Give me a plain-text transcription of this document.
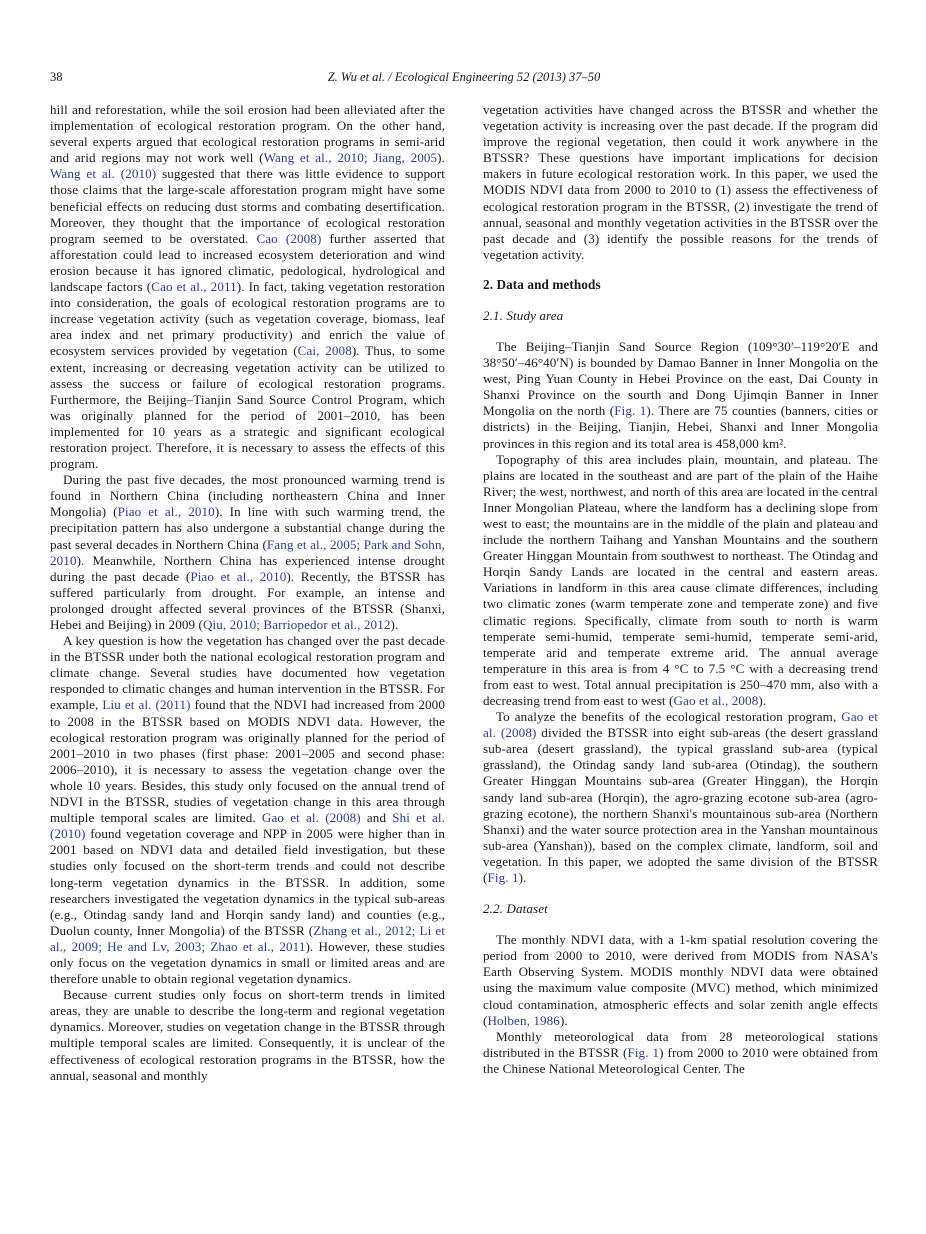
38	Z. Wu et al. / Ecological Engineering 52 (2013) 37–50

hill and reforestation, while the soil erosion had been alleviated after the implementation of ecological restoration program. On the other hand, several experts argued that ecological restoration programs in semi-arid and arid regions may not work well (Wang et al., 2010; Jiang, 2005). Wang et al. (2010) suggested that there was little evidence to support those claims that the large-scale afforestation program might have some beneficial effects on reducing dust storms and combating desertification. Moreover, they thought that the importance of ecological restoration program seemed to be overstated. Cao (2008) further asserted that afforestation could lead to increased ecosystem deterioration and wind erosion because it has ignored climatic, pedological, hydrological and landscape factors (Cao et al., 2011). In fact, taking vegetation restoration into consideration, the goals of ecological restoration programs are to increase vegetation activity (such as vegetation coverage, biomass, leaf area index and net primary productivity) and enrich the value of ecosystem services provided by vegetation (Cai, 2008). Thus, to some extent, increasing or decreasing vegetation activity can be utilized to assess the success or failure of ecological restoration programs. Furthermore, the Beijing–Tianjin Sand Source Control Program, which was originally planned for the period of 2001–2010, has been implemented for 10 years as a strategic and significant ecological restoration project. Therefore, it is necessary to assess the effects of this program.

During the past five decades, the most pronounced warming trend is found in Northern China (including northeastern China and Inner Mongolia) (Piao et al., 2010). In line with such warming trend, the precipitation pattern has also undergone a substantial change during the past several decades in Northern China (Fang et al., 2005; Park and Sohn, 2010). Meanwhile, Northern China has experienced intense drought during the past decade (Piao et al., 2010). Recently, the BTSSR has suffered particularly from drought. For example, an intense and prolonged drought affected several provinces of the BTSSR (Shanxi, Hebei and Beijing) in 2009 (Qiu, 2010; Barriopedor et al., 2012).

A key question is how the vegetation has changed over the past decade in the BTSSR under both the national ecological restoration program and climate change. Several studies have documented how vegetation responded to climatic changes and human intervention in the BTSSR. For example, Liu et al. (2011) found that the NDVI had increased from 2000 to 2008 in the BTSSR based on MODIS NDVI data. However, the ecological restoration program was originally planned for the period of 2001–2010 in two phases (first phase: 2001–2005 and second phase: 2006–2010), it is necessary to assess the vegetation change over the whole 10 years. Besides, this study only focused on the annual trend of NDVI in the BTSSR, studies of vegetation change in this area through multiple temporal scales are limited. Gao et al. (2008) and Shi et al. (2010) found vegetation coverage and NPP in 2005 were higher than in 2001 based on NDVI data and detailed field investigation, but these studies only focused on the short-term trends and could not describe long-term vegetation dynamics in the BTSSR. In addition, some researchers investigated the vegetation dynamics in the typical sub-areas (e.g., Otindag sandy land and Horqin sandy land) and counties (e.g., Duolun county, Inner Mongolia) of the BTSSR (Zhang et al., 2012; Li et al., 2009; He and Lv, 2003; Zhao et al., 2011). However, these studies only focus on the vegetation dynamics in small or limited areas and are therefore unable to obtain regional vegetation dynamics.

Because current studies only focus on short-term trends in limited areas, they are unable to describe the long-term and regional vegetation dynamics. Moreover, studies on vegetation change in the BTSSR through multiple temporal scales are limited. Consequently, it is unclear of the effectiveness of ecological restoration programs in the BTSSR, how the annual, seasonal and monthly

vegetation activities have changed across the BTSSR and whether the vegetation activity is increasing over the past decade. If the program did improve the regional vegetation, then could it work anywhere in the BTSSR? These questions have important implications for decision makers in future ecological restoration work. In this paper, we used the MODIS NDVI data from 2000 to 2010 to (1) assess the effectiveness of ecological restoration program in the BTSSR, (2) investigate the trend of annual, seasonal and monthly vegetation activities in the BTSSR over the past decade and (3) identify the possible reasons for the trends of vegetation activity.

2. Data and methods
2.1. Study area

The Beijing–Tianjin Sand Source Region (109°30′–119°20′E and 38°50′–46°40′N) is bounded by Damao Banner in Inner Mongolia on the west, Ping Yuan County in Hebei Province on the east, Dai County in Shanxi Province on the sourth and Dong Ujimqin Banner in Inner Mongolia on the north (Fig. 1). There are 75 counties (banners, cities or districts) in the Beijing, Tianjin, Hebei, Shanxi and Inner Mongolia provinces in this region and its total area is 458,000 km².

Topography of this area includes plain, mountain, and plateau. The plains are located in the southeast and are part of the plain of the Haihe River; the west, northwest, and north of this area are located in the central Inner Mongolian Plateau, where the landform has a declining slope from west to east; the mountains are in the middle of the plain and plateau and include the northern Taihang and Yanshan Mountains and the southern Greater Hinggan Mountain from southwest to northeast. The Otindag and Horqin Sandy Lands are located in the central and eastern areas. Variations in landform in this area cause climate differences, including two climatic zones (warm temperate zone and temperate zone) and five climatic regions. Specifically, climate from south to north is warm temperate semi-humid, temperate semi-humid, temperate semi-arid, temperate arid and temperate extreme arid. The annual average temperature in this area is from 4 °C to 7.5 °C with a decreasing trend from east to west. Total annual precipitation is 250–470 mm, also with a decreasing trend from east to west (Gao et al., 2008).

To analyze the benefits of the ecological restoration program, Gao et al. (2008) divided the BTSSR into eight sub-areas (the desert grassland sub-area (desert grassland), the typical grassland sub-area (typical grassland), the Otindag sandy land sub-area (Otindag), the southern Greater Hinggan Mountains sub-area (Greater Hinggan), the Horqin sandy land sub-area (Horqin), the agro-grazing ecotone sub-area (agro-grazing ecotone), the northern Shanxi's mountainous sub-area (Northern Shanxi) and the water source protection area in the Yanshan mountainous sub-area (Yanshan)), based on the complex climate, landform, soil and vegetation. In this paper, we adopted the same division of the BTSSR (Fig. 1).

2.2. Dataset

The monthly NDVI data, with a 1-km spatial resolution covering the period from 2000 to 2010, were derived from MODIS from NASA's Earth Observing System. MODIS monthly NDVI data were obtained using the maximum value composite (MVC) method, which minimized cloud contamination, atmospheric effects and solar zenith angle effects (Holben, 1986).

Monthly meteorological data from 28 meteorological stations distributed in the BTSSR (Fig. 1) from 2000 to 2010 were obtained from the Chinese National Meteorological Center. The
